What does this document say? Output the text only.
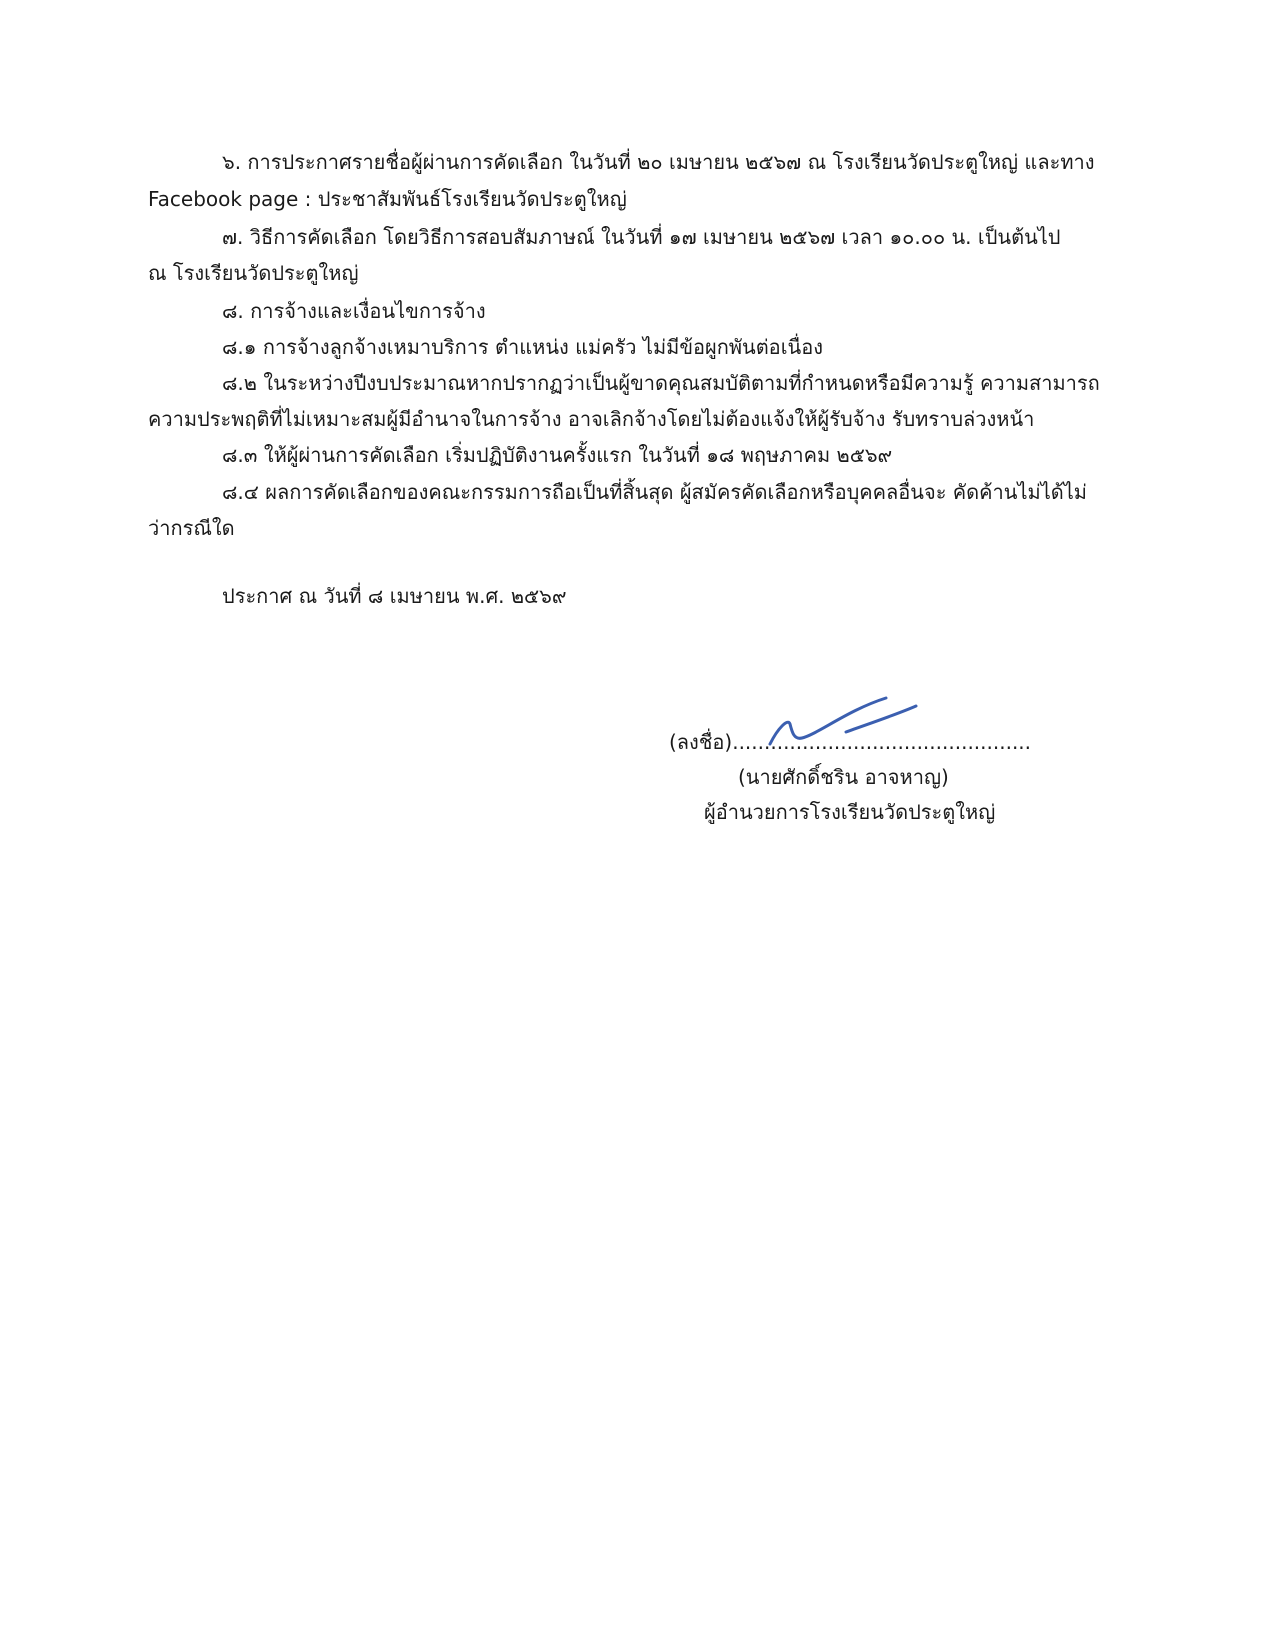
๖. การประกาศรายชื่อผู้ผ่านการคัดเลือก ในวันที่ ๒๐ เมษายน ๒๕๖๗ ณ โรงเรียนวัดประตูใหญ่ และทาง
Facebook page : ประชาสัมพันธ์โรงเรียนวัดประตูใหญ่
๗. วิธีการคัดเลือก โดยวิธีการสอบสัมภาษณ์ ในวันที่ ๑๗ เมษายน ๒๕๖๗ เวลา ๑๐.๐๐ น. เป็นต้นไป
ณ โรงเรียนวัดประตูใหญ่
๘. การจ้างและเงื่อนไขการจ้าง
๘.๑ การจ้างลูกจ้างเหมาบริการ ตำแหน่ง แม่ครัว ไม่มีข้อผูกพันต่อเนื่อง
๘.๒ ในระหว่างปีงบประมาณหากปรากฏว่าเป็นผู้ขาดคุณสมบัติตามที่กำหนดหรือมีความรู้ ความสามารถ
ความประพฤติที่ไม่เหมาะสมผู้มีอำนาจในการจ้าง อาจเลิกจ้างโดยไม่ต้องแจ้งให้ผู้รับจ้าง รับทราบล่วงหน้า
๘.๓ ให้ผู้ผ่านการคัดเลือก เริ่มปฏิบัติงานครั้งแรก ในวันที่ ๑๘ พฤษภาคม ๒๕๖๙
๘.๔ ผลการคัดเลือกของคณะกรรมการถือเป็นที่สิ้นสุด ผู้สมัครคัดเลือกหรือบุคคลอื่นจะ คัดค้านไม่ได้ไม่
ว่ากรณีใด
ประกาศ ณ วันที่ ๘ เมษายน พ.ศ. ๒๕๖๙
(ลงชื่อ)...............................................
(นายศักดิ์ชริน อาจหาญ)
ผู้อำนวยการโรงเรียนวัดประตูใหญ่
